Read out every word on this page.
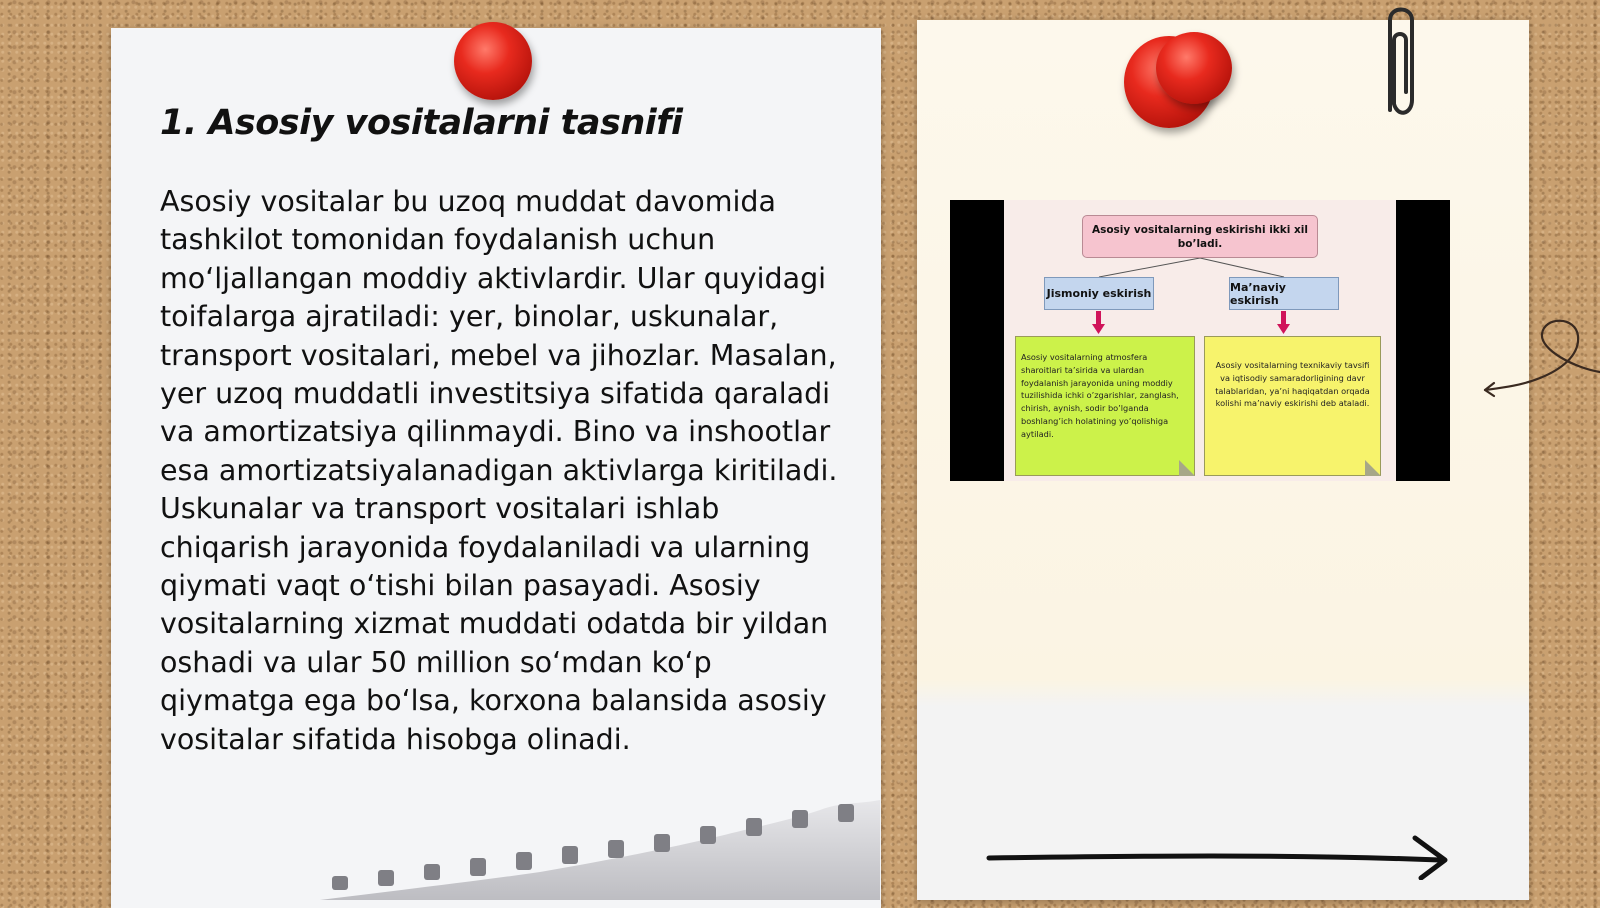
1. Asosiy vositalarni tasnifi

Asosiy vositalar bu uzoq muddat davomida tashkilot tomonidan foydalanish uchun mo‘ljallangan moddiy aktivlardir. Ular quyidagi toifalarga ajratiladi: yer, binolar, uskunalar, transport vositalari, mebel va jihozlar. Masalan, yer uzoq muddatli investitsiya sifatida qaraladi va amortizatsiya qilinmaydi. Bino va inshootlar esa amortizatsiyalanadigan aktivlarga kiritiladi. Uskunalar va transport vositalari ishlab chiqarish jarayonida foydalaniladi va ularning qiymati vaqt o‘tishi bilan pasayadi. Asosiy vositalarning xizmat muddati odatda bir yildan oshadi va ular 50 million so‘mdan ko‘p qiymatga ega bo‘lsa, korxona balansida asosiy vositalar sifatida hisobga olinadi.

Asosiy vositalarning eskirishi ikki xil bo’ladi.
Jismoniy eskirish	Ma’naviy eskirish
Asosiy vositalarning atmosfera sharoitlari ta’sirida va ulardan foydalanish jarayonida uning moddiy tuzilishida ichki o’zgarishlar, zanglash, chirish, aynish, sodir bo’lganda boshlang’ich holatining yo’qolishiga aytiladi.
Asosiy vositalarning texnikaviy tavsifi va iqtisodiy samaradorligining davr talablaridan, ya’ni haqiqatdan orqada kolishi ma’naviy eskirishi deb ataladi.
